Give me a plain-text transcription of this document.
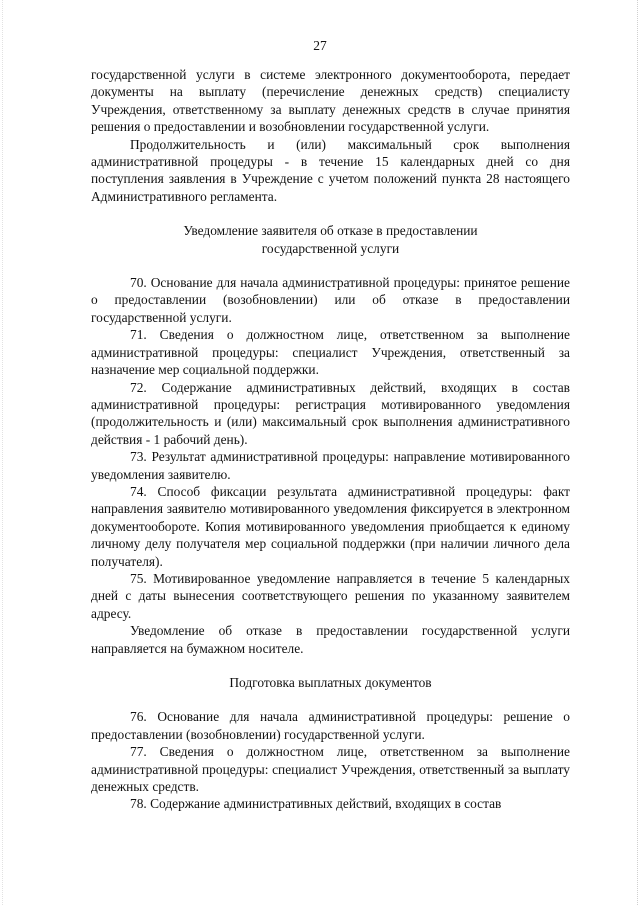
27

государственной услуги в системе электронного документооборота, передает документы на выплату (перечисление денежных средств) специалисту Учреждения, ответственному за выплату денежных средств в случае принятия решения о предоставлении и возобновлении государственной услуги.

Продолжительность и (или) максимальный срок выполнения административной процедуры - в течение 15 календарных дней со дня поступления заявления в Учреждение с учетом положений пункта 28 настоящего Административного регламента.

Уведомление заявителя об отказе в предоставлении
государственной услуги

70. Основание для начала административной процедуры: принятое решение о предоставлении (возобновлении) или об отказе в предоставлении государственной услуги.

71. Сведения о должностном лице, ответственном за выполнение административной процедуры: специалист Учреждения, ответственный за назначение мер социальной поддержки.

72. Содержание административных действий, входящих в состав административной процедуры: регистрация мотивированного уведомления (продолжительность и (или) максимальный срок выполнения административного действия - 1 рабочий день).

73. Результат административной процедуры: направление мотивированного уведомления заявителю.

74. Способ фиксации результата административной процедуры: факт направления заявителю мотивированного уведомления фиксируется в электронном документообороте. Копия мотивированного уведомления приобщается к единому личному делу получателя мер социальной поддержки (при наличии личного дела получателя).

75. Мотивированное уведомление направляется в течение 5 календарных дней с даты вынесения соответствующего решения по указанному заявителем адресу.

Уведомление об отказе в предоставлении государственной услуги направляется на бумажном носителе.

Подготовка выплатных документов

76. Основание для начала административной процедуры: решение о предоставлении (возобновлении) государственной услуги.

77. Сведения о должностном лице, ответственном за выполнение административной процедуры: специалист Учреждения, ответственный за выплату денежных средств.

78. Содержание административных действий, входящих в состав
